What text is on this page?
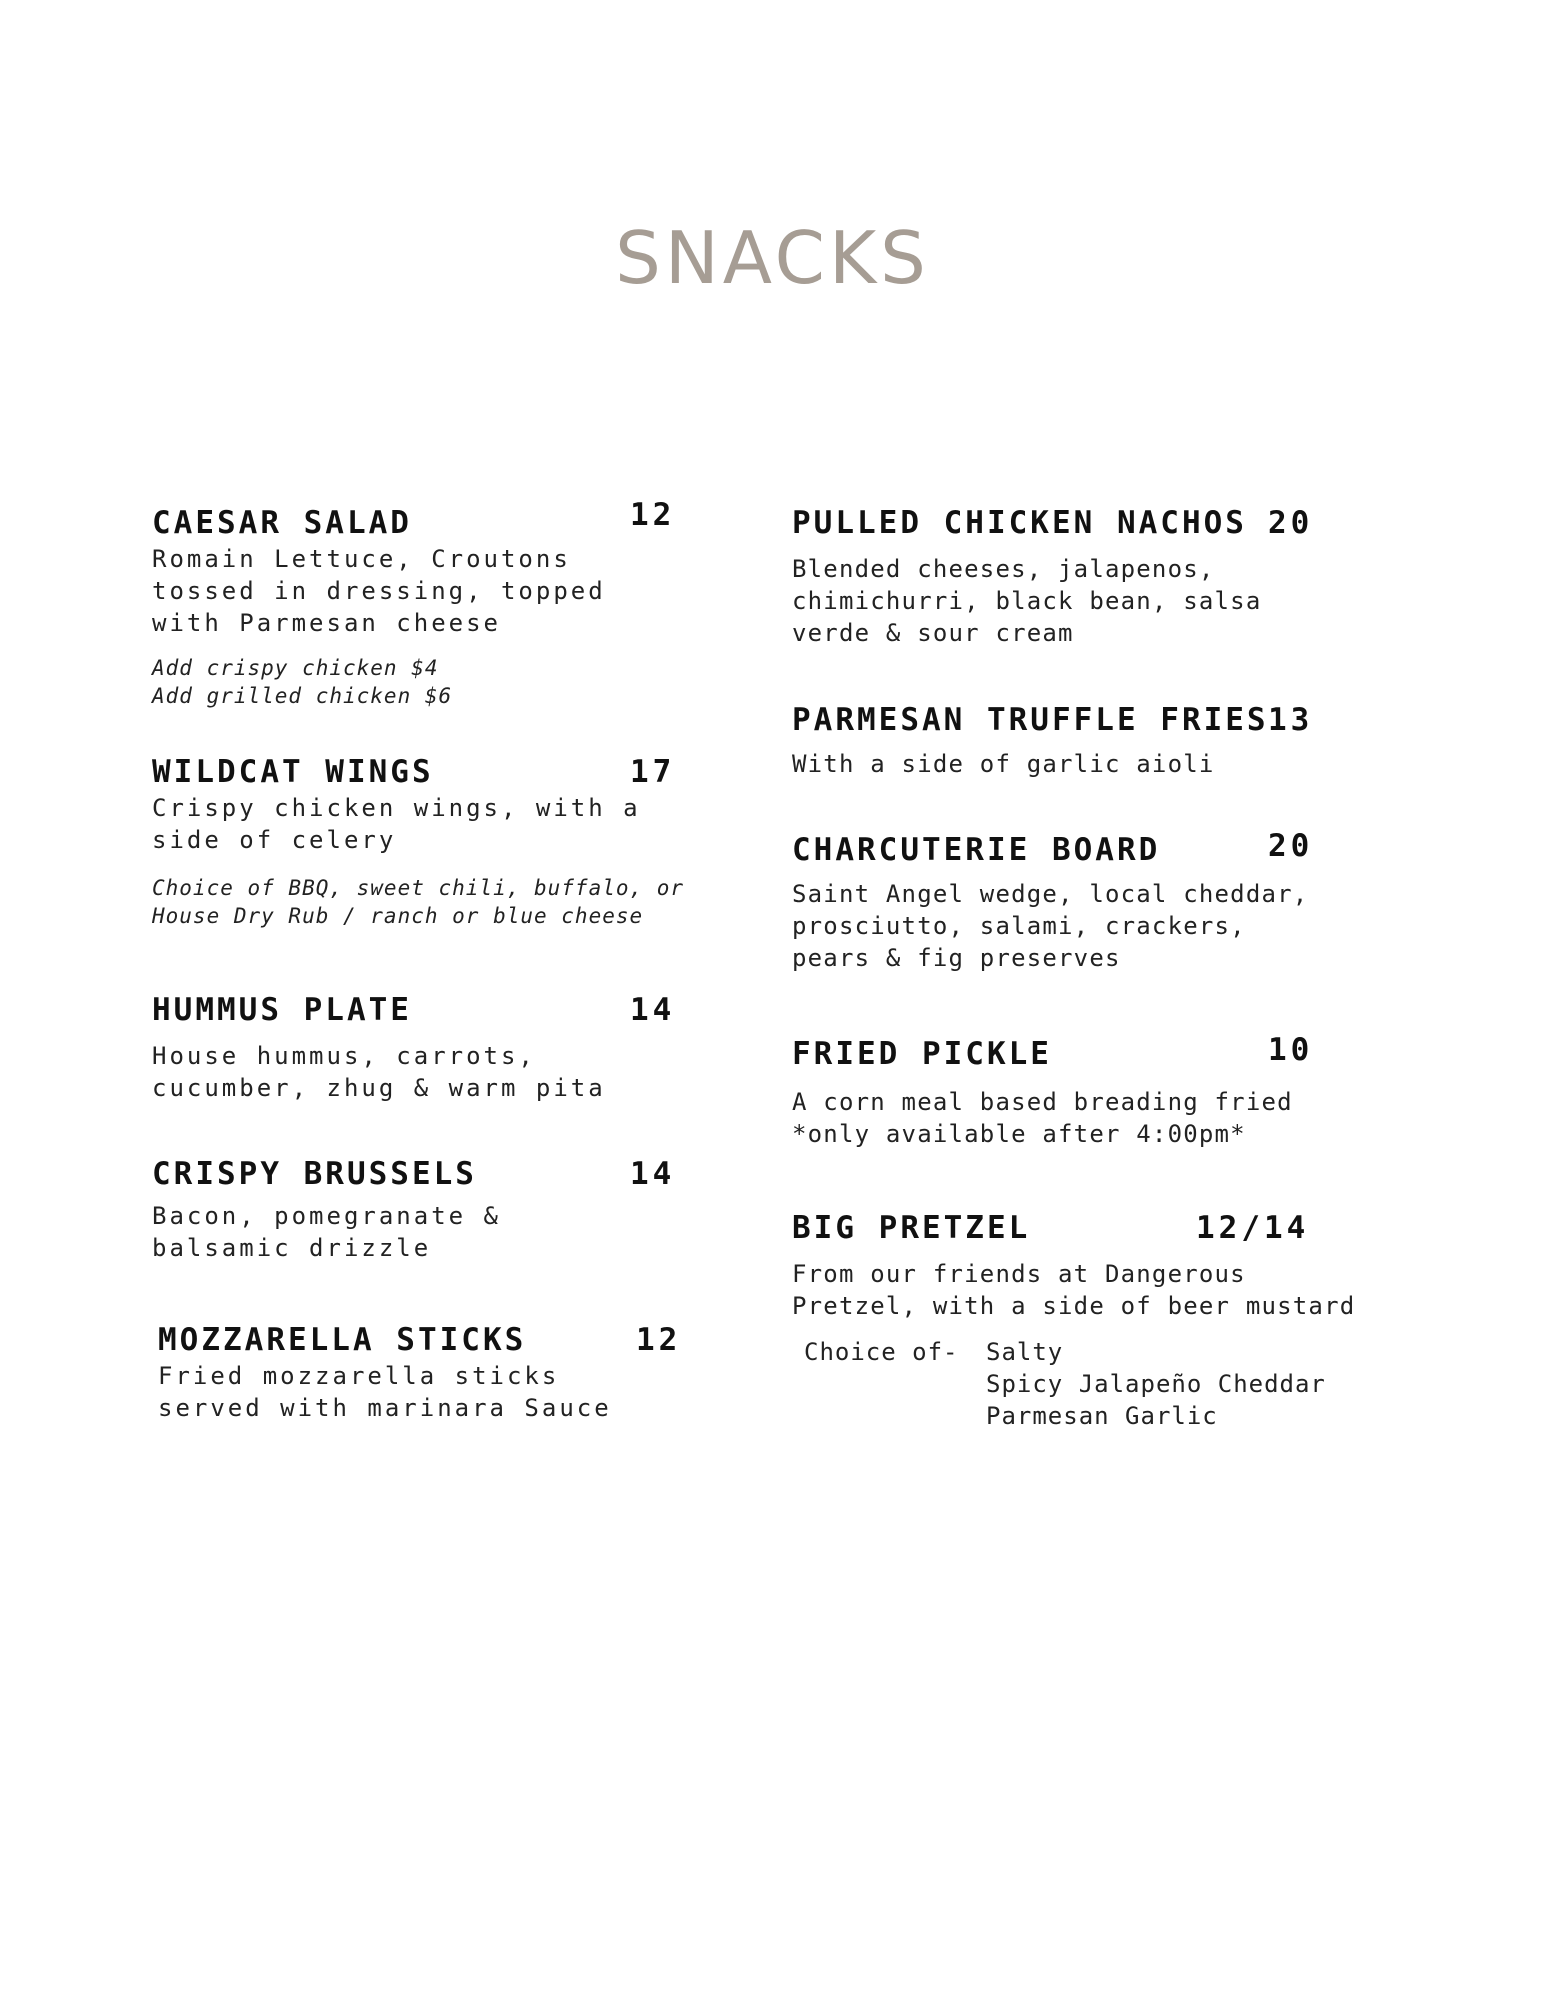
SNACKS
CAESAR SALAD	12
Romain Lettuce, Croutons
tossed in dressing, topped
with Parmesan cheese
Add crispy chicken $4
Add grilled chicken $6
WILDCAT WINGS	17
Crispy chicken wings, with a
side of celery
Choice of BBQ, sweet chili, buffalo, or
House Dry Rub / ranch or blue cheese
HUMMUS PLATE	14
House hummus, carrots,
cucumber, zhug & warm pita
CRISPY BRUSSELS	14
Bacon, pomegranate &
balsamic drizzle
MOZZARELLA STICKS	12
Fried mozzarella sticks
served with marinara Sauce
PULLED CHICKEN NACHOS 20
Blended cheeses, jalapenos,
chimichurri, black bean, salsa
verde & sour cream
PARMESAN TRUFFLE FRIES 13
With a side of garlic aioli
CHARCUTERIE BOARD	20
Saint Angel wedge, local cheddar,
prosciutto, salami, crackers,
pears & fig preserves
FRIED PICKLE	10
A corn meal based breading fried
*only available after 4:00pm*
BIG PRETZEL	12/14
From our friends at Dangerous
Pretzel, with a side of beer mustard
Choice of- Salty
Spicy Jalapeño Cheddar
Parmesan Garlic
